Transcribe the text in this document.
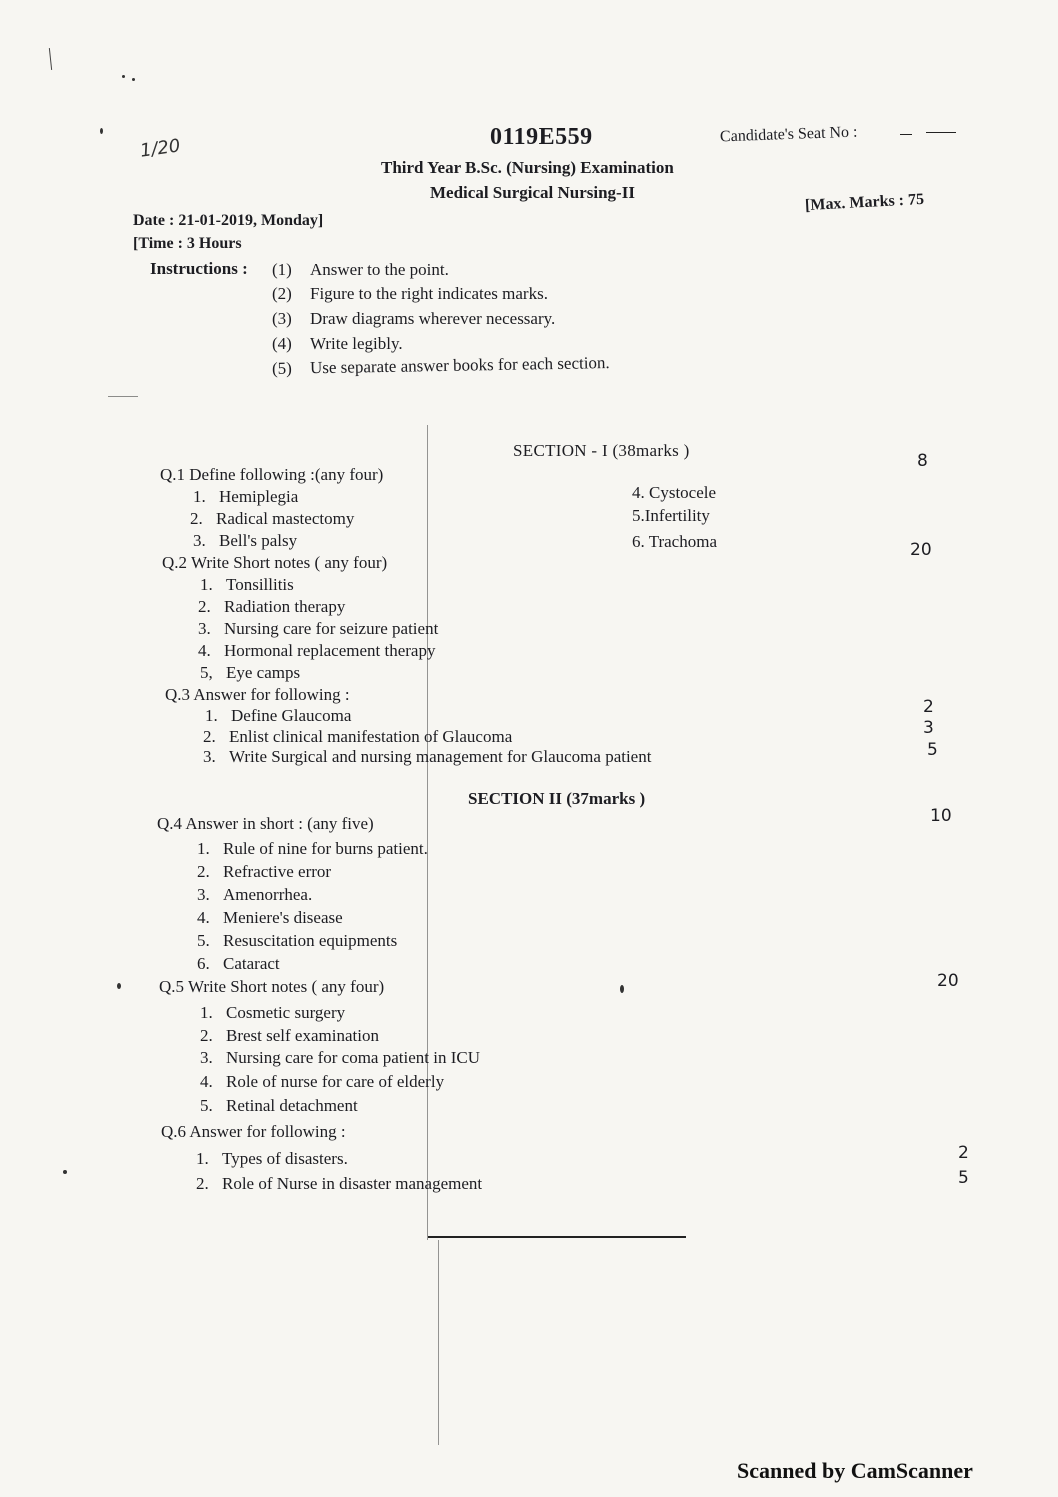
1/20	0119E559	Candidate's Seat No :
Third Year B.Sc. (Nursing) Examination
Medical Surgical Nursing-II	[Max. Marks : 75
Date : 21-01-2019, Monday]
[Time : 3 Hours
Instructions : (1) Answer to the point.
(2) Figure to the right indicates marks.
(3) Draw diagrams wherever necessary.
(4) Write legibly.
(5) Use separate answer books for each section.
SECTION - I (38marks )
Q.1 Define following :(any four)
8
1. Hemiplegia
2. Radical mastectomy
3. Bell's palsy
4. Cystocele
5.Infertility
6. Trachoma
Q.2 Write Short notes ( any four)
20
1. Tonsillitis
2. Radiation therapy
3. Nursing care for seizure patient
4. Hormonal replacement therapy
5, Eye camps
Q.3 Answer for following :
1. Define Glaucoma
2. Enlist clinical manifestation of Glaucoma
3. Write Surgical and nursing management for Glaucoma patient
2
3
5
SECTION II (37marks )
Q.4 Answer in short : (any five)	10
1. Rule of nine for burns patient.
2. Refractive error
3. Amenorrhea.
4. Meniere's disease
5. Resuscitation equipments
6. Cataract
Q.5 Write Short notes ( any four)	20
1. Cosmetic surgery
2. Brest self examination
3. Nursing care for coma patient in ICU
4. Role of nurse for care of elderly
5. Retinal detachment
Q.6 Answer for following :
1. Types of disasters.
2. Role of Nurse in disaster management
2
5
Scanned by CamScanner
